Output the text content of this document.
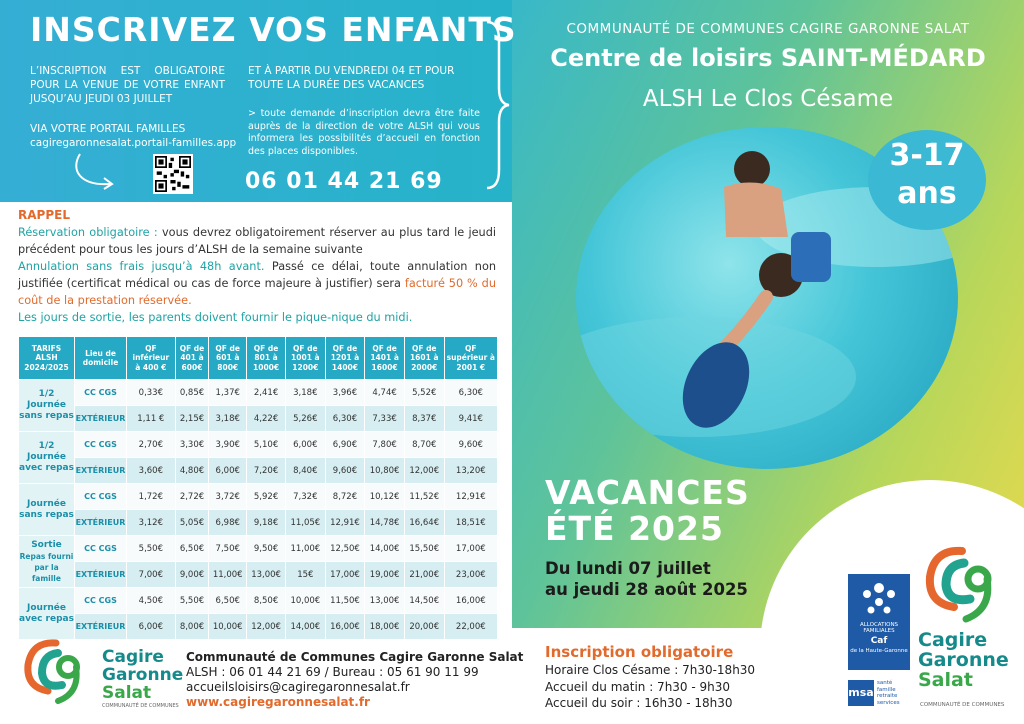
INSCRIVEZ VOS ENFANTS
L’INSCRIPTION EST OBLIGATOIRE POUR LA VENUE DE VOTRE ENFANT JUSQU’AU JEUDI 03 JUILLET
ET À PARTIR DU VENDREDI 04 ET POUR TOUTE LA DURÉE DES VACANCES
VIA VOTRE PORTAIL FAMILLES
cagiregaronnesalat.portail-familles.app
> toute demande d’inscription devra être faite auprès de la direction de votre ALSH qui vous informera les possibilités d’accueil en fonction des places disponibles.
06 01 44 21 69
RAPPEL
Réservation obligatoire : vous devrez obligatoirement réserver au plus tard le jeudi précédent pour tous les jours d’ALSH de la semaine suivante
Annulation sans frais jusqu’à 48h avant. Passé ce délai, toute annulation non justifiée (certificat médical ou cas de force majeure à justifier) sera facturé 50 % du coût de la prestation réservée.
Les jours de sortie, les parents doivent fournir le pique-nique du midi.
TARIFS ALSH 2024/2025	Lieu de domicile	QF inférieur à 400 €	QF de 401 à 600€	QF de 601 à 800€	QF de 801 à 1000€	QF de 1001 à 1200€	QF de 1201 à 1400€	QF de 1401 à 1600€	QF de 1601 à 2000€	QF supérieur à 2001 €

1/2 Journée sans repas	CC CGS	0,33€	0,85€	1,37€	2,41€	3,18€	3,96€	4,74€	5,52€	6,30€
	EXTÉRIEUR	1,11 €	2,15€	3,18€	4,22€	5,26€	6,30€	7,33€	8,37€	9,41€

1/2 Journée avec repas	CC CGS	2,70€	3,30€	3,90€	5,10€	6,00€	6,90€	7,80€	8,70€	9,60€
	EXTÉRIEUR	3,60€	4,80€	6,00€	7,20€	8,40€	9,60€	10,80€	12,00€	13,20€

Journée sans repas	CC CGS	1,72€	2,72€	3,72€	5,92€	7,32€	8,72€	10,12€	11,52€	12,91€
	EXTÉRIEUR	3,12€	5,05€	6,98€	9,18€	11,05€	12,91€	14,78€	16,64€	18,51€

Sortie
Repas fourni par la famille	CC CGS	5,50€	6,50€	7,50€	9,50€	11,00€	12,50€	14,00€	15,50€	17,00€
	EXTÉRIEUR	7,00€	9,00€	11,00€	13,00€	15€	17,00€	19,00€	21,00€	23,00€

Journée avec repas	CC CGS	4,50€	5,50€	6,50€	8,50€	10,00€	11,50€	13,00€	14,50€	16,00€
	EXTÉRIEUR	6,00€	8,00€	10,00€	12,00€	14,00€	16,00€	18,00€	20,00€	22,00€
COMMUNAUTÉ DE COMMUNES CAGIRE GARONNE SALAT
Centre de loisirs SAINT-MÉDARD
ALSH Le Clos Césame
3-17
ans
VACANCES
ÉTÉ 2025
Du lundi 07 juillet
au jeudi 28 août 2025
Cagire
Garonne
Salat
COMMUNAUTÉ DE COMMUNES
Communauté de Communes Cagire Garonne Salat
ALSH : 06 01 44 21 69 / Bureau : 05 61 90 11 99
accueilsloisirs@cagiregaronnesalat.fr
www.cagiregaronnesalat.fr
Inscription obligatoire
Horaire Clos Césame : 7h30-18h30
Accueil du matin : 7h30 - 9h30
Accueil du soir : 16h30 - 18h30
ALLOCATIONS FAMILIALES
Caf
de la Haute-Garonne
msa
santé
famille
retraite
services
Cagire
Garonne
Salat
COMMUNAUTÉ DE COMMUNES
